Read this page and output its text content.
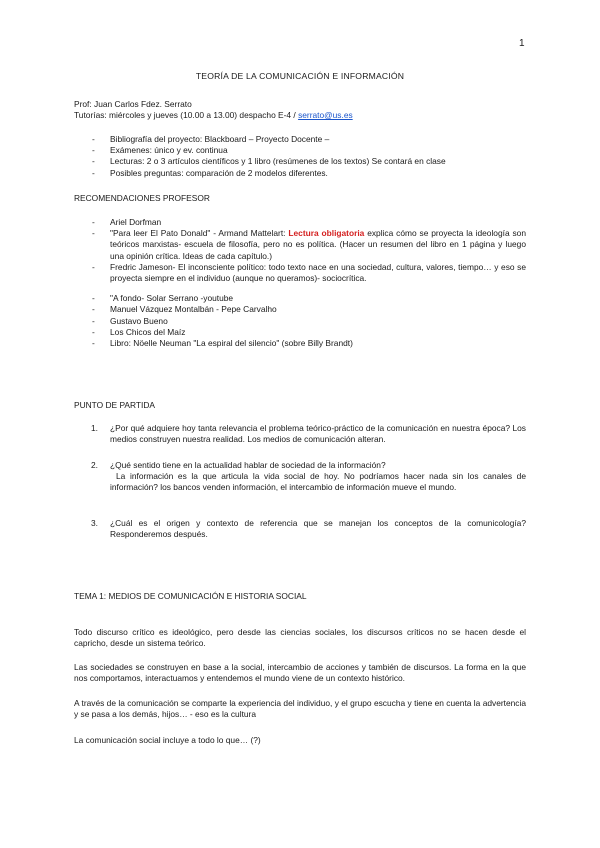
1
TEORÍA DE LA COMUNICACIÓN E INFORMACIÓN
Prof: Juan Carlos Fdez. Serrato
Tutorías: miércoles y jueves (10.00 a 13.00) despacho E-4 / serrato@us.es
- Bibliografía del proyecto: Blackboard – Proyecto Docente –
- Exámenes: único y ev. continua
- Lecturas: 2 o 3 artículos científicos y 1 libro (resúmenes de los textos) Se contará en clase
- Posibles preguntas: comparación de 2 modelos diferentes.
RECOMENDACIONES PROFESOR
- Ariel Dorfman
- "Para leer El Pato Donald" - Armand Mattelart: Lectura obligatoria explica cómo se proyecta la ideología son teóricos marxistas- escuela de filosofía, pero no es política. (Hacer un resumen del libro en 1 página y luego una opinión crítica. Ideas de cada capítulo.)
- Fredric Jameson- El inconsciente político: todo texto nace en una sociedad, cultura, valores, tiempo… y eso se proyecta siempre en el individuo (aunque no queramos)- sociocrítica.
- "A fondo- Solar Serrano -youtube
- Manuel Vázquez Montalbán - Pepe Carvalho
- Gustavo Bueno
- Los Chicos del Maíz
- Libro: Nöelle Neuman "La espiral del silencio" (sobre Billy Brandt)
PUNTO DE PARTIDA
1. ¿Por qué adquiere hoy tanta relevancia el problema teórico-práctico de la comunicación en nuestra época? Los medios construyen nuestra realidad. Los medios de comunicación alteran.
2. ¿Qué sentido tiene en la actualidad hablar de sociedad de la información?
La información es la que articula la vida social de hoy. No podríamos hacer nada sin los canales de información? los bancos venden información, el intercambio de información mueve el mundo.
3. ¿Cuál es el origen y contexto de referencia que se manejan los conceptos de la comunicología? Responderemos después.
TEMA 1: MEDIOS DE COMUNICACIÓN E HISTORIA SOCIAL
Todo discurso crítico es ideológico, pero desde las ciencias sociales, los discursos críticos no se hacen desde el capricho, desde un sistema teórico.
Las sociedades se construyen en base a la social, intercambio de acciones y también de discursos. La forma en la que nos comportamos, interactuamos y entendemos el mundo viene de un contexto histórico.
A través de la comunicación se comparte la experiencia del individuo, y el grupo escucha y tiene en cuenta la advertencia y se pasa a los demás, hijos… - eso es la cultura
La comunicación social incluye a todo lo que… (?)
